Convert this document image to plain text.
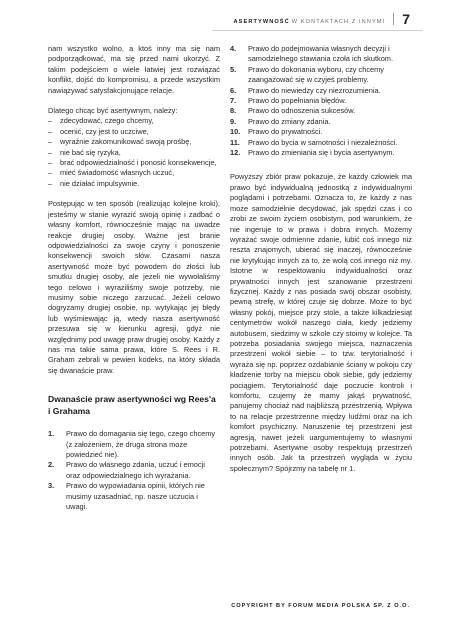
ASERTYWNOŚĆ W KONTAKTACH Z INNYMI 7

nam wszystko wolno, a ktoś inny ma się nam podporządkować, ma się przed nami ukorzyć. Z takim podejściem o wiele łatwiej jest rozwiązać konflikt, dojść do kompromisu, a przede wszystkim nawiązywać satysfakcjonujące relacje.

Dlatego chcąc być asertywnym, należy:

– zdecydować, czego chcemy,
– ocenić, czy jest to uczciwe,
– wyraźnie zakomunikować swoją prośbę,
– nie bać się ryzyka,
– brać odpowiedzialność i ponosić konsekwencje,
– mieć świadomość własnych uczuć,
– nie działać impulsywnie.

Postępując w ten sposób (realizując kolejne kroki), jesteśmy w stanie wyrazić swoją opinię i zadbać o własny komfort, równocześnie mając na uwadze reakcje drugiej osoby. Ważne jest branie odpowiedzialności za swoje czyny i ponoszenie konsekwencji swoich słów. Czasami nasza asertywność może być powodem do złości lub smutku drugiej osoby, ale jeżeli nie wywołaliśmy tego celowo i wyraziliśmy swoje potrzeby, nie musimy sobie niczego zarzucać. Jeżeli celowo dogryzamy drugiej osobie, np. wytykając jej błędy lub wyśmiewając ją, wtedy nasza asertywność przesuwa się w kierunku agresji, gdyż nie względnimy pod uwagę praw drugiej osoby. Każdy z nas ma takie sama prawa, które S. Rees i R. Graham zebrali w pewien kodeks, na który składa się dwanaście praw.

Dwanaście praw asertywności wg Rees'a i Grahama
1.	Prawo do domagania się tego, czego chcemy (z założeniem, że druga strona może powiedzieć nie).
2.	Prawo do własnego zdania, uczuć i emocji oraz odpowiedzialnego ich wyrażania.
3.	Prawo do wypowiadania opinii, których nie musimy uzasadniać, np. nasze uczucia i uwagi.
4.	Prawo do podejmowania własnych decyzji i samodzielnego stawiania czoła ich skutkom.
5.	Prawo do dokonania wyboru, czy chcemy zaangażować się w czyjeś problemy.
6.	Prawo do niewiedzy czy niezrozumienia.
7.	Prawo do popełniania błędów.
8.	Prawo do odnoszenia sukcesów.
9.	Prawo do zmiany zdania.
10.	Prawo do prywatności.
11.	Prawo do bycia w samotności i niezależności.
12.	Prawo do zmieniania się i bycia asertywnym.

Powyższy zbiór praw pokazuje, że każdy człowiek ma prawo być indywidualną jednostką z indywidualnymi poglądami i potrzebami. Oznacza to, że każdy z nas może samodzielnie decydować, jak spędzi czas i co zrobi ze swoim życiem osobistym, pod warunkiem, że nie ingeruje to w prawa i dobra innych. Możemy wyrażać swoje odmienne zdanie, lubić coś innego niż reszta znajomych, ubierać się inaczej, równocześnie nie krytykując innych za to, że wolą coś innego niż my. Istotne w respektowaniu indywidualności oraz prywatności innych jest szanowanie przestrzeni fizycznej. Każdy z nas posiada swój obszar osobisty, pewną strefę, w której czuje się dobrze. Może to być własny pokój, miejsce przy stole, a także kilkadziesiąt centymetrów wokół naszego ciała, kiedy jedziemy autobusem, siedzimy w szkole czy stoimy w kolejce. Ta potrzeba posiadania swojego miejsca, naznaczenia przestrzeni wokół siebie – to tzw. terytorialność i wyraża się np. poprzez ozdabianie ściany w pokoju czy kładzenie torby na miejscu obok siebie, gdy jedziemy pociągiem. Terytorialność daje poczucie kontroli i komfortu, czujemy że mamy jakąś prywatność, panujemy chociaż nad najbliższą przestrzenią. Wpływa to na relacje przestrzenne między ludźmi oraz na ich komfort psychiczny. Naruszenie tej przestrzeni jest agresją, nawet jeżeli uargumentujemy to własnymi potrzebami. Asertywne osoby respektują przestrzeń innych osób. Jak ta przestrzeń wygląda w życiu społecznym? Spójrzmy na tabelę nr 1.

COPYRIGHT BY FORUM MEDIA POLSKA SP. Z O.O.
